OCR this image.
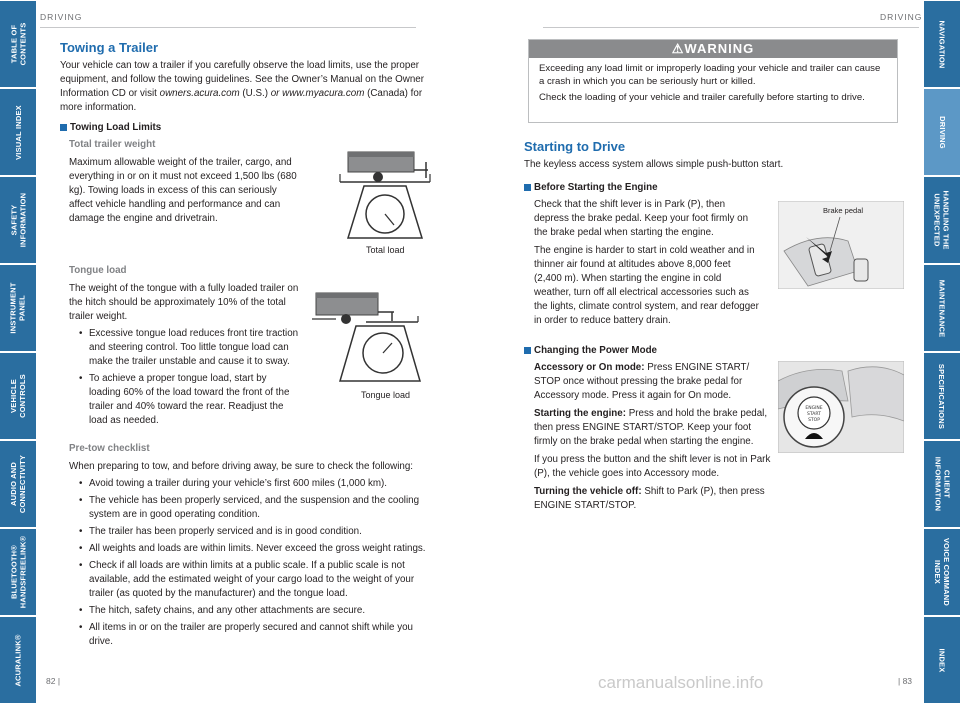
TABLE OF
CONTENTS
VISUAL INDEX
SAFETY
INFORMATION
INSTRUMENT
PANEL
VEHICLE
CONTROLS
AUDIO AND
CONNECTIVITY
BLUETOOTH®
HANDSFREELINK®
ACURALINK®
NAVIGATION
DRIVING
HANDLING THE
UNEXPECTED
MAINTENANCE
SPECIFICATIONS
CLIENT
INFORMATION
VOICE COMMAND
INDEX
INDEX
DRIVING	DRIVING
Towing a Trailer
Your vehicle can tow a trailer if you carefully observe the load limits, use the proper equipment, and follow the towing guidelines. See the Owner’s Manual on the Owner Information CD or visit owners.acura.com (U.S.) or www.myacura.com (Canada) for more information.
Towing Load Limits
Total trailer weight
Maximum allowable weight of the trailer, cargo, and everything in or on it must not exceed 1,500 lbs (680 kg). Towing loads in excess of this can seriously affect vehicle handling and performance and can damage the engine and drivetrain.
Total load
Tongue load
The weight of the tongue with a fully loaded trailer on the hitch should be approximately 10% of the total trailer weight.
• Excessive tongue load reduces front tire traction and steering control. Too little tongue load can make the trailer unstable and cause it to sway.
• To achieve a proper tongue load, start by loading 60% of the load toward the front of the trailer and 40% toward the rear. Readjust the load as needed.
Tongue load
Pre-tow checklist
When preparing to tow, and before driving away, be sure to check the following:
• Avoid towing a trailer during your vehicle’s first 600 miles (1,000 km).
• The vehicle has been properly serviced, and the suspension and the cooling system are in good operating condition.
• The trailer has been properly serviced and is in good condition.
• All weights and loads are within limits. Never exceed the gross weight ratings.
• Check if all loads are within limits at a public scale. If a public scale is not available, add the estimated weight of your cargo load to the weight of your trailer (as quoted by the manufacturer) and the tongue load.
• The hitch, safety chains, and any other attachments are secure.
• All items in or on the trailer are properly secured and cannot shift while you drive.
82 |
⚠WARNING

Exceeding any load limit or improperly loading your vehicle and trailer can cause a crash in which you can be seriously hurt or killed.

Check the loading of your vehicle and trailer carefully before starting to drive.

Starting to Drive
The keyless access system allows simple push-button start.
Before Starting the Engine

Check that the shift lever is in Park (P), then depress the brake pedal. Keep your foot firmly on the brake pedal when starting the engine.

The engine is harder to start in cold weather and in thinner air found at altitudes above 8,000 feet (2,400 m). When starting the engine in cold weather, turn off all electrical accessories such as the lights, climate control system, and rear defogger in order to reduce battery drain.

Brake pedal
Changing the Power Mode

Accessory or On mode: Press ENGINE START/ STOP once without pressing the brake pedal for Accessory mode. Press it again for On mode.

Starting the engine: Press and hold the brake pedal, then press ENGINE START/STOP. Keep your foot firmly on the brake pedal when starting the engine.

If you press the button and the shift lever is not in Park (P), the vehicle goes into Accessory mode.

Turning the vehicle off: Shift to Park (P), then press ENGINE START/STOP.

ENGINE
START
STOP
| 83
carmanualsonline.info
